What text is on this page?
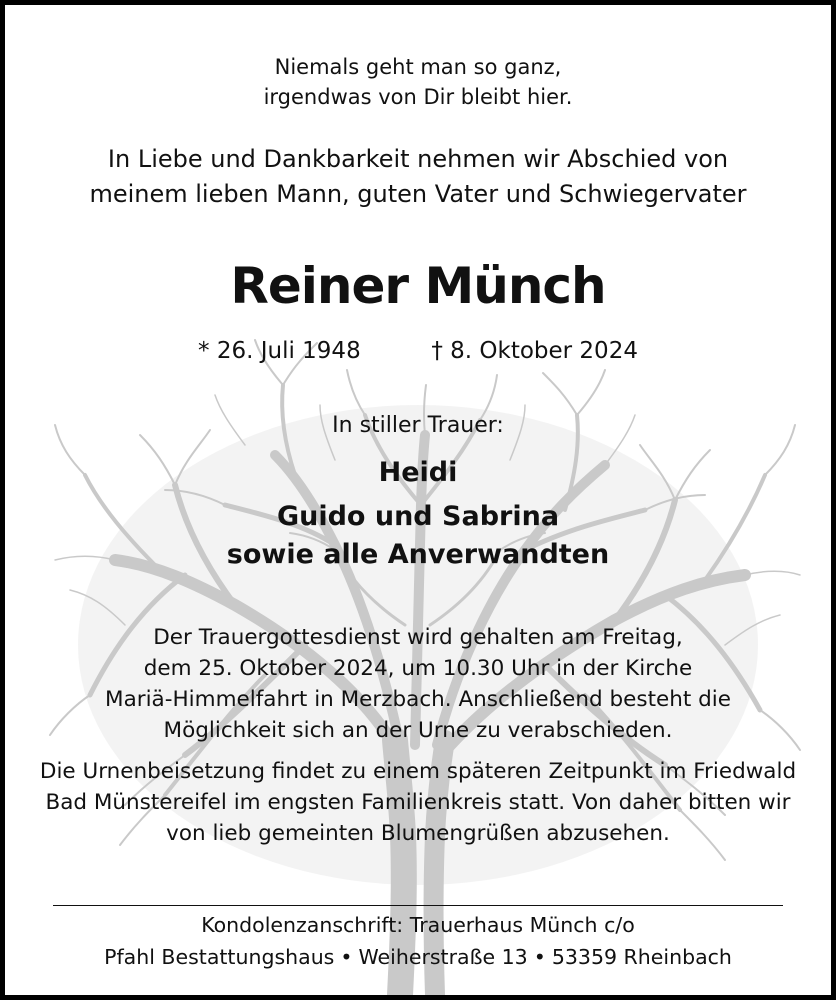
Niemals geht man so ganz,
irgendwas von Dir bleibt hier.
In Liebe und Dankbarkeit nehmen wir Abschied von
meinem lieben Mann, guten Vater und Schwiegervater
Reiner Münch
* 26. Juli 1948	† 8. Oktober 2024
In stiller Trauer:
Heidi
Guido und Sabrina
sowie alle Anverwandten
Der Trauergottesdienst wird gehalten am Freitag,
dem 25. Oktober 2024, um 10.30 Uhr in der Kirche
Mariä-Himmelfahrt in Merzbach. Anschließend besteht die
Möglichkeit sich an der Urne zu verabschieden.
Die Urnenbeisetzung findet zu einem späteren Zeitpunkt im Friedwald
Bad Münstereifel im engsten Familienkreis statt. Von daher bitten wir
von lieb gemeinten Blumengrüßen abzusehen.
Kondolenzanschrift: Trauerhaus Münch c/o
Pfahl Bestattungshaus • Weiherstraße 13 • 53359 Rheinbach
